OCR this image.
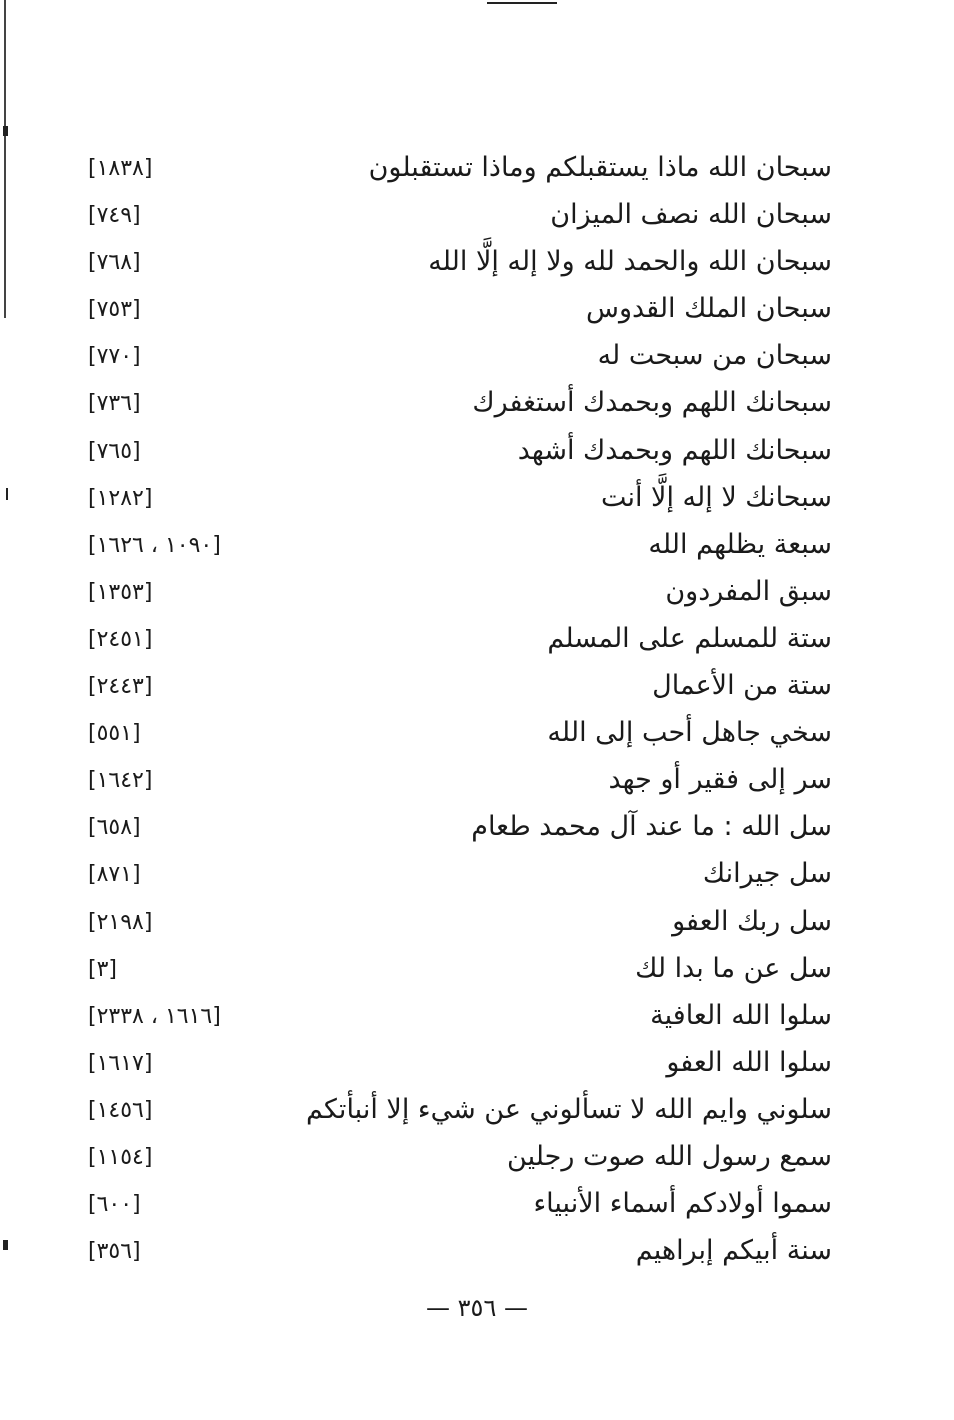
سبحان الله ماذا يستقبلكم وماذا تستقبلون
[١٨٣٨]
سبحان الله نصف الميزان
[٧٤٩]
سبحان الله والحمد لله ولا إله إلَّا الله
[٧٦٨]
سبحان الملك القدوس
[٧٥٣]
سبحان من سبحت له
[٧٧٠]
سبحانك اللهم وبحمدك أستغفرك
[٧٣٦]
سبحانك اللهم وبحمدك أشهد
[٧٦٥]
سبحانك لا إله إلَّا أنت
[١٢٨٢]
سبعة يظلهم الله
[١٠٩٠ ، ١٦٢٦]
سبق المفردون
[١٣٥٣]
ستة للمسلم على المسلم
[٢٤٥١]
ستة من الأعمال
[٢٤٤٣]
سخي جاهل أحب إلى الله
[٥٥١]
سر إلى فقير أو جهد
[١٦٤٢]
سل الله : ما عند آل محمد طعام
[٦٥٨]
سل جيرانك
[٨٧١]
سل ربك العفو
[٢١٩٨]
سل عن ما بدا لك
[٣]
سلوا الله العافية
[١٦١٦ ، ٢٣٣٨]
سلوا الله العفو
[١٦١٧]
سلوني وايم الله لا تسألوني عن شيء إلا أنبأتكم
[١٤٥٦]
سمع رسول الله صوت رجلين
[١١٥٤]
سموا أولادكم أسماء الأنبياء
[٦٠٠]
سنة أبيكم إبراهيم
[٣٥٦]
— ٣٥٦ —
